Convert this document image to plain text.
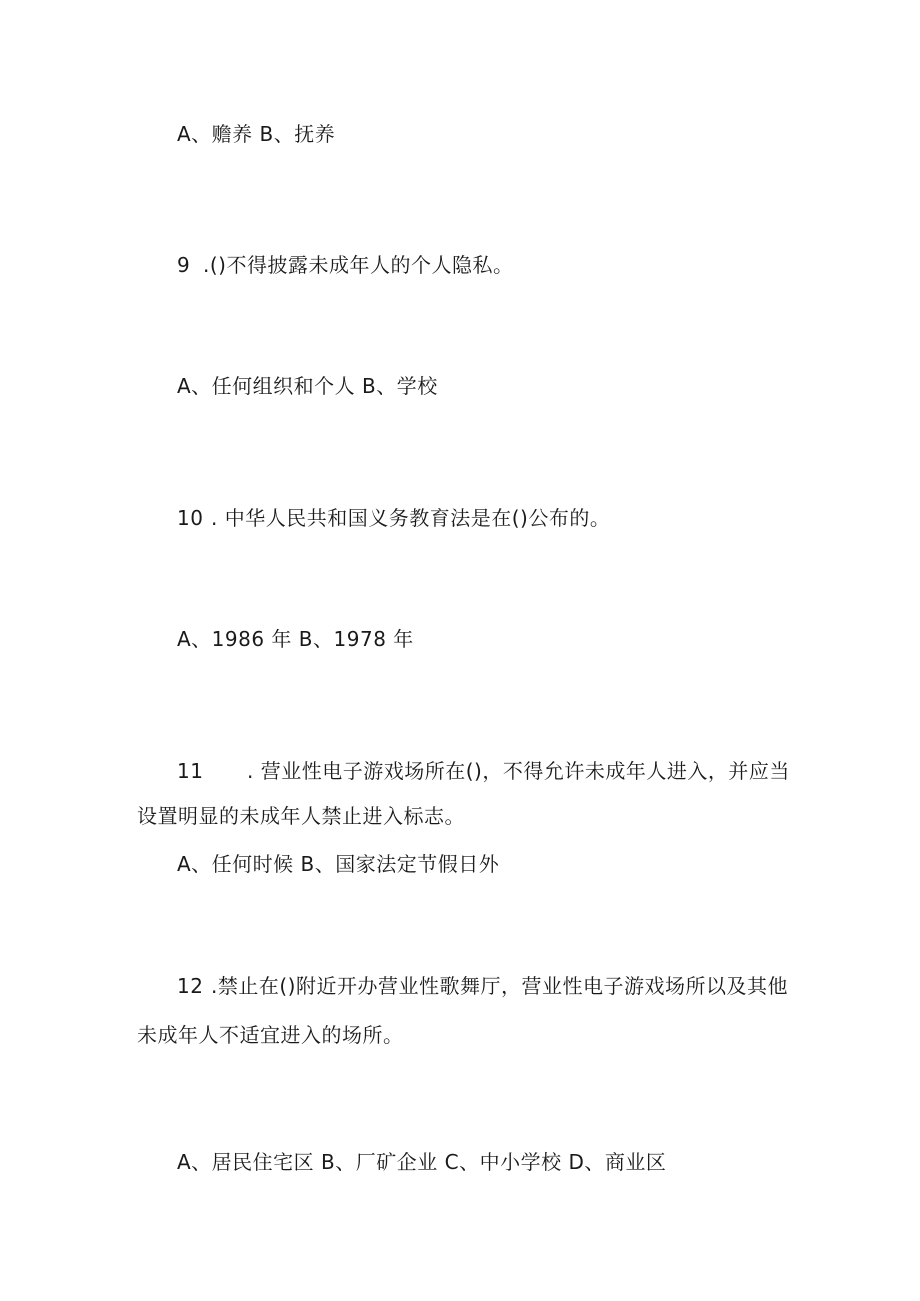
A、赡养 B、抚养
9 .()不得披露未成年人的个人隐私。
A、任何组织和个人 B、学校
10 . 中华人民共和国义务教育法是在()公布的。
A、1986 年 B、1978 年
11 . 营业性电子游戏场所在()，不得允许未成年人进入，并应当
设置明显的未成年人禁止进入标志。
A、任何时候 B、国家法定节假日外
12 .禁止在()附近开办营业性歌舞厅，营业性电子游戏场所以及其他
未成年人不适宜进入的场所。
A、居民住宅区 B、厂矿企业 C、中小学校 D、商业区
